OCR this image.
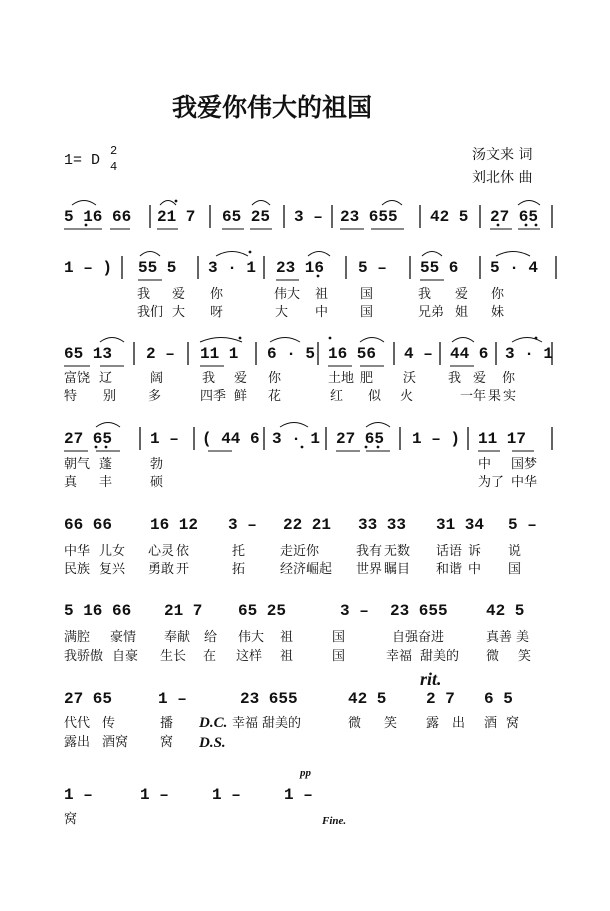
我爱你伟大的祖国
1= D
2
4
汤文来 词
刘北休 曲
5 16 66 21 7 65 25 3 – 23 655 42 5 27 65
1 – ) 55 5 3 · 1 23 16 5 – 55 6 5 · 4
我 爱 你	伟大 祖 国	我 爱 你
我们 大 呀	大 中 国	兄弟 姐 妹
65 13 2 – 11 1 6 · 5 16 56 4 – 44 6 3 · 1
富饶 辽	阔	我 爱 你	土地 肥 沃 我 爱 你
特 别 多	四季 鲜 花	红 似 火	一年 果 实
27 65 1 – ( 44 6 3 · 1 27 65 1 – ) 11 17
朝气 蓬	勃	中 国梦
真 丰	硕	为了 中华
66 66 16 12 3 – 22 21 33 33 31 34 5 –
中华 儿女 心灵 依	托	走近 你	我有 无数 话语 诉 说
民族 复兴 勇敢 开	拓	经济 崛起 世界 瞩目 和谐 中 国
5 16 66 21 7 65 25	3 – 23 655 42 5
满腔 豪情 奉献 给 伟大 祖	国	自强 奋进	真善 美
我骄 傲 自豪 生长 在 这样 祖	国	幸福 甜美的 微 笑
27 65	1 –	23 655	42 5 2 7 6 5
代代 传	播	幸福 甜美的	微 笑 露 出 酒 窝
露出 酒窝 窝
1 –	1 –	1 –	1 –
窝
D.C.
D.S.
rit.
pp
Fine.
